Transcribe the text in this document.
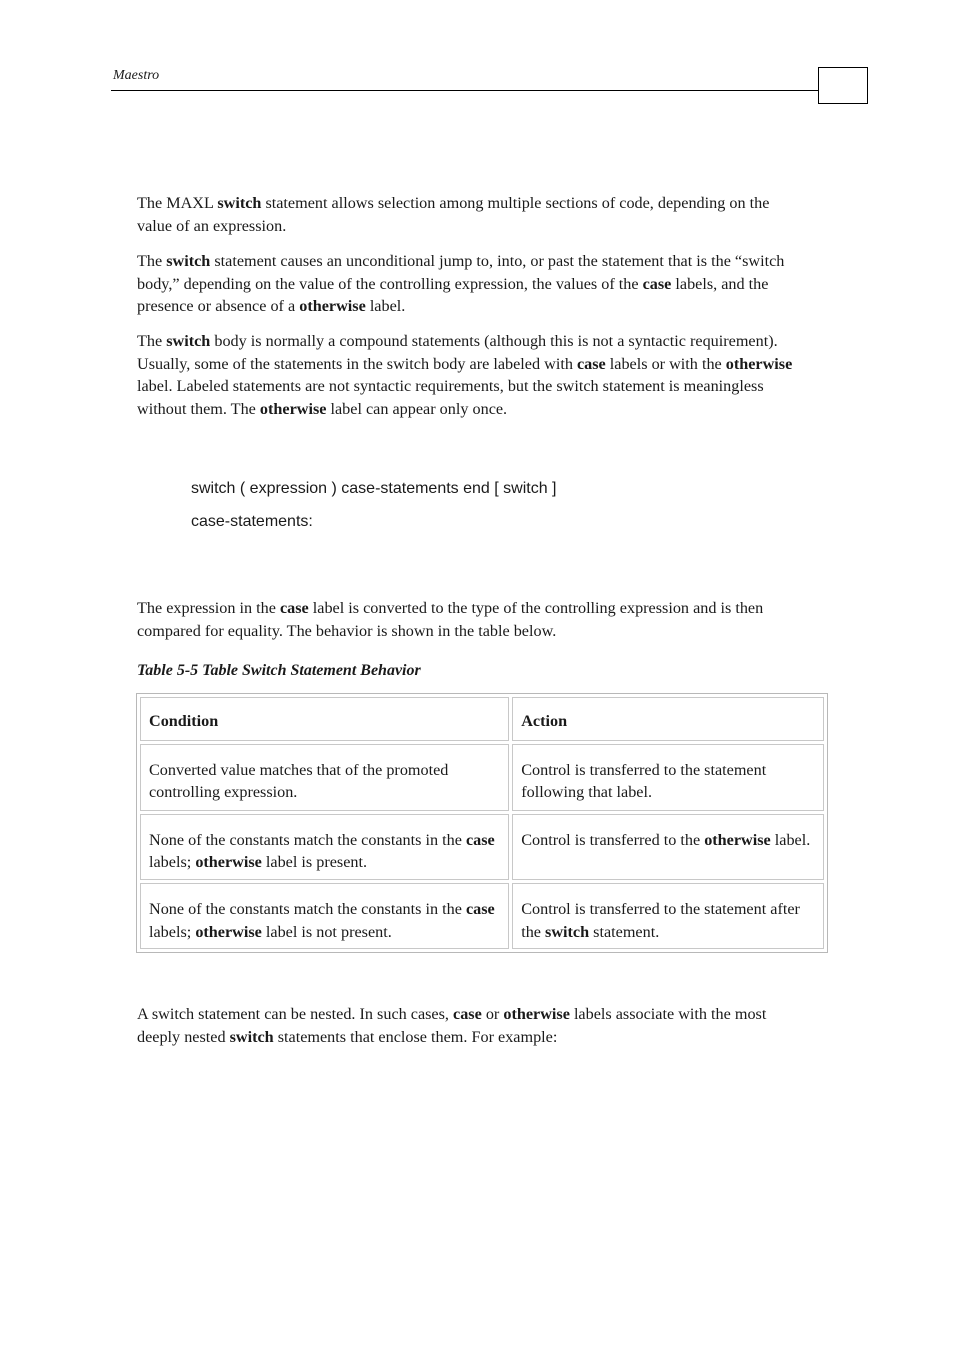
Maestro

The MAXL switch statement allows selection among multiple sections of code, depending on the value of an expression.

The switch statement causes an unconditional jump to, into, or past the statement that is the “switch body,” depending on the value of the controlling expression, the values of the case labels, and the presence or absence of a otherwise label.

The switch body is normally a compound statements (although this is not a syntactic requirement). Usually, some of the statements in the switch body are labeled with case labels or with the otherwise label. Labeled statements are not syntactic requirements, but the switch statement is meaningless without them. The otherwise label can appear only once.

switch ( expression ) case-statements end [ switch ]
case-statements:

The expression in the case label is converted to the type of the controlling expression and is then compared for equality. The behavior is shown in the table below.

Table 5-5 Table Switch Statement Behavior
Condition	Action
Converted value matches that of the promoted controlling expression.	Control is transferred to the statement following that label.
None of the constants match the constants in the case labels; otherwise label is present.	Control is transferred to the otherwise label.
None of the constants match the constants in the case labels; otherwise label is not present.	Control is transferred to the statement after the switch statement.

A switch statement can be nested. In such cases, case or otherwise labels associate with the most deeply nested switch statements that enclose them. For example:
